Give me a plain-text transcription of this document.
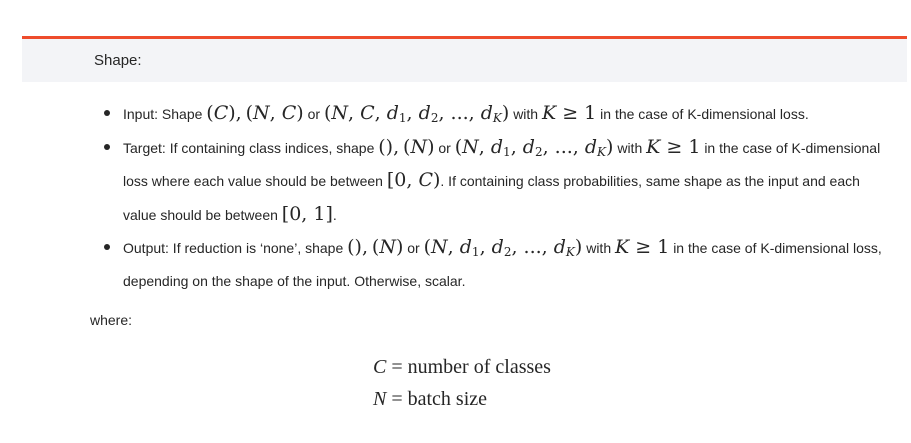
Shape:
Input: Shape (C), (N, C) or (N, C, $d_1$, $d_2$, ..., $d_K$) with K ≥ 1 in the case of K-dimensional loss.
Target: If containing class indices, shape (), (N) or (N, $d_1$, $d_2$, ..., $d_K$) with K ≥ 1 in the case of K-dimensional loss where each value should be between [0, C). If containing class probabilities, same shape as the input and each value should be between [0, 1].
Output: If reduction is ‘none’, shape (), (N) or (N, $d_1$, $d_2$, ..., $d_K$) with K ≥ 1 in the case of K-dimensional loss, depending on the shape of the input. Otherwise, scalar.
where:
C = number of classes
N = batch size
